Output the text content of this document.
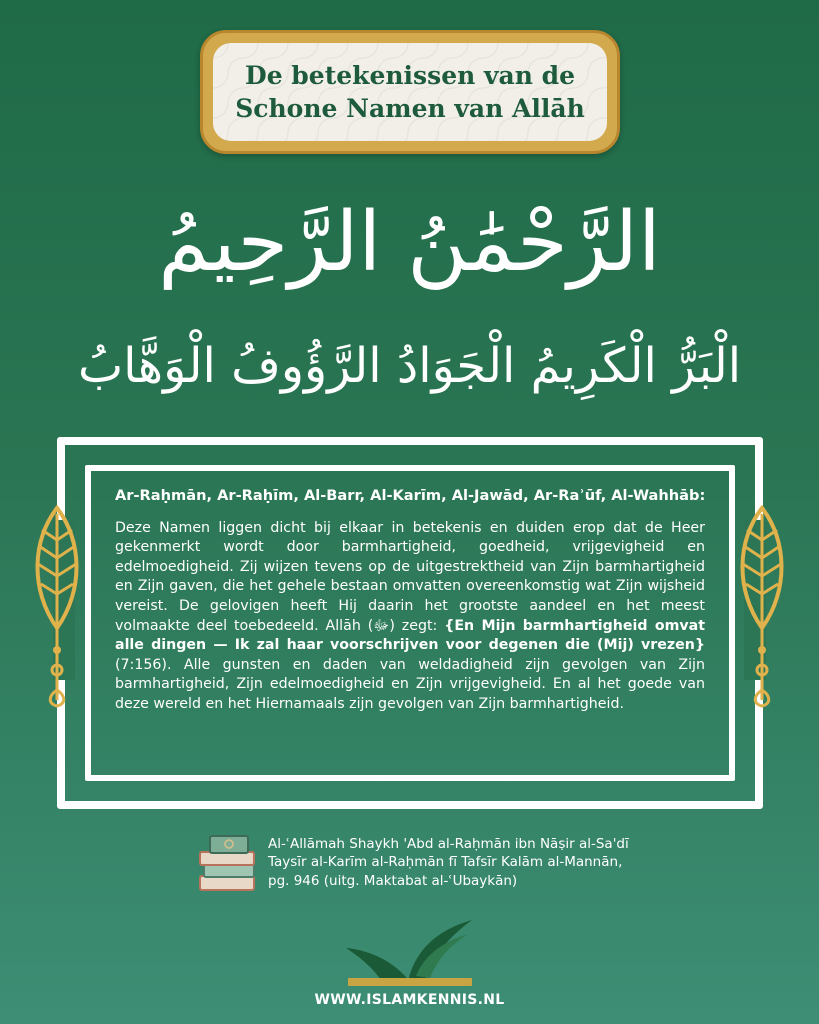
De betekenissen van de
Schone Namen van Allāh
الرَّحْمَٰنُ الرَّحِيمُ
الْبَرُّ الْكَرِيمُ الْجَوَادُ الرَّؤُوفُ الْوَهَّابُ
Ar-Raḥmān, Ar-Raḥīm, Al-Barr, Al-Karīm, Al-Jawād, Ar-Raʾūf, Al-Wahhāb:
Deze Namen liggen dicht bij elkaar in betekenis en duiden erop dat de Heer gekenmerkt wordt door barmhartigheid, goedheid, vrijgevigheid en edelmoedigheid. Zij wijzen tevens op de uitgestrektheid van Zijn barmhartigheid en Zijn gaven, die het gehele bestaan omvatten overeenkomstig wat Zijn wijsheid vereist. De gelovigen heeft Hij daarin het grootste aandeel en het meest volmaakte deel toebedeeld. Allāh (ﷻ) zegt: {En Mijn barmhartigheid omvat alle dingen — Ik zal haar voorschrijven voor degenen die (Mij) vrezen} (7:156). Alle gunsten en daden van weldadigheid zijn gevolgen van Zijn barmhartigheid, Zijn edelmoedigheid en Zijn vrijgevigheid. En al het goede van deze wereld en het Hiernamaals zijn gevolgen van Zijn barmhartigheid.
Al-ʿAllāmah Shaykh 'Abd al-Raḥmān ibn Nāṣir al-Sa'dī
Taysīr al-Karīm al-Raḥmān fī Tafsīr Kalām al-Mannān,
pg. 946 (uitg. Maktabat al-ʿUbaykān)
WWW.ISLAMKENNIS.NL
